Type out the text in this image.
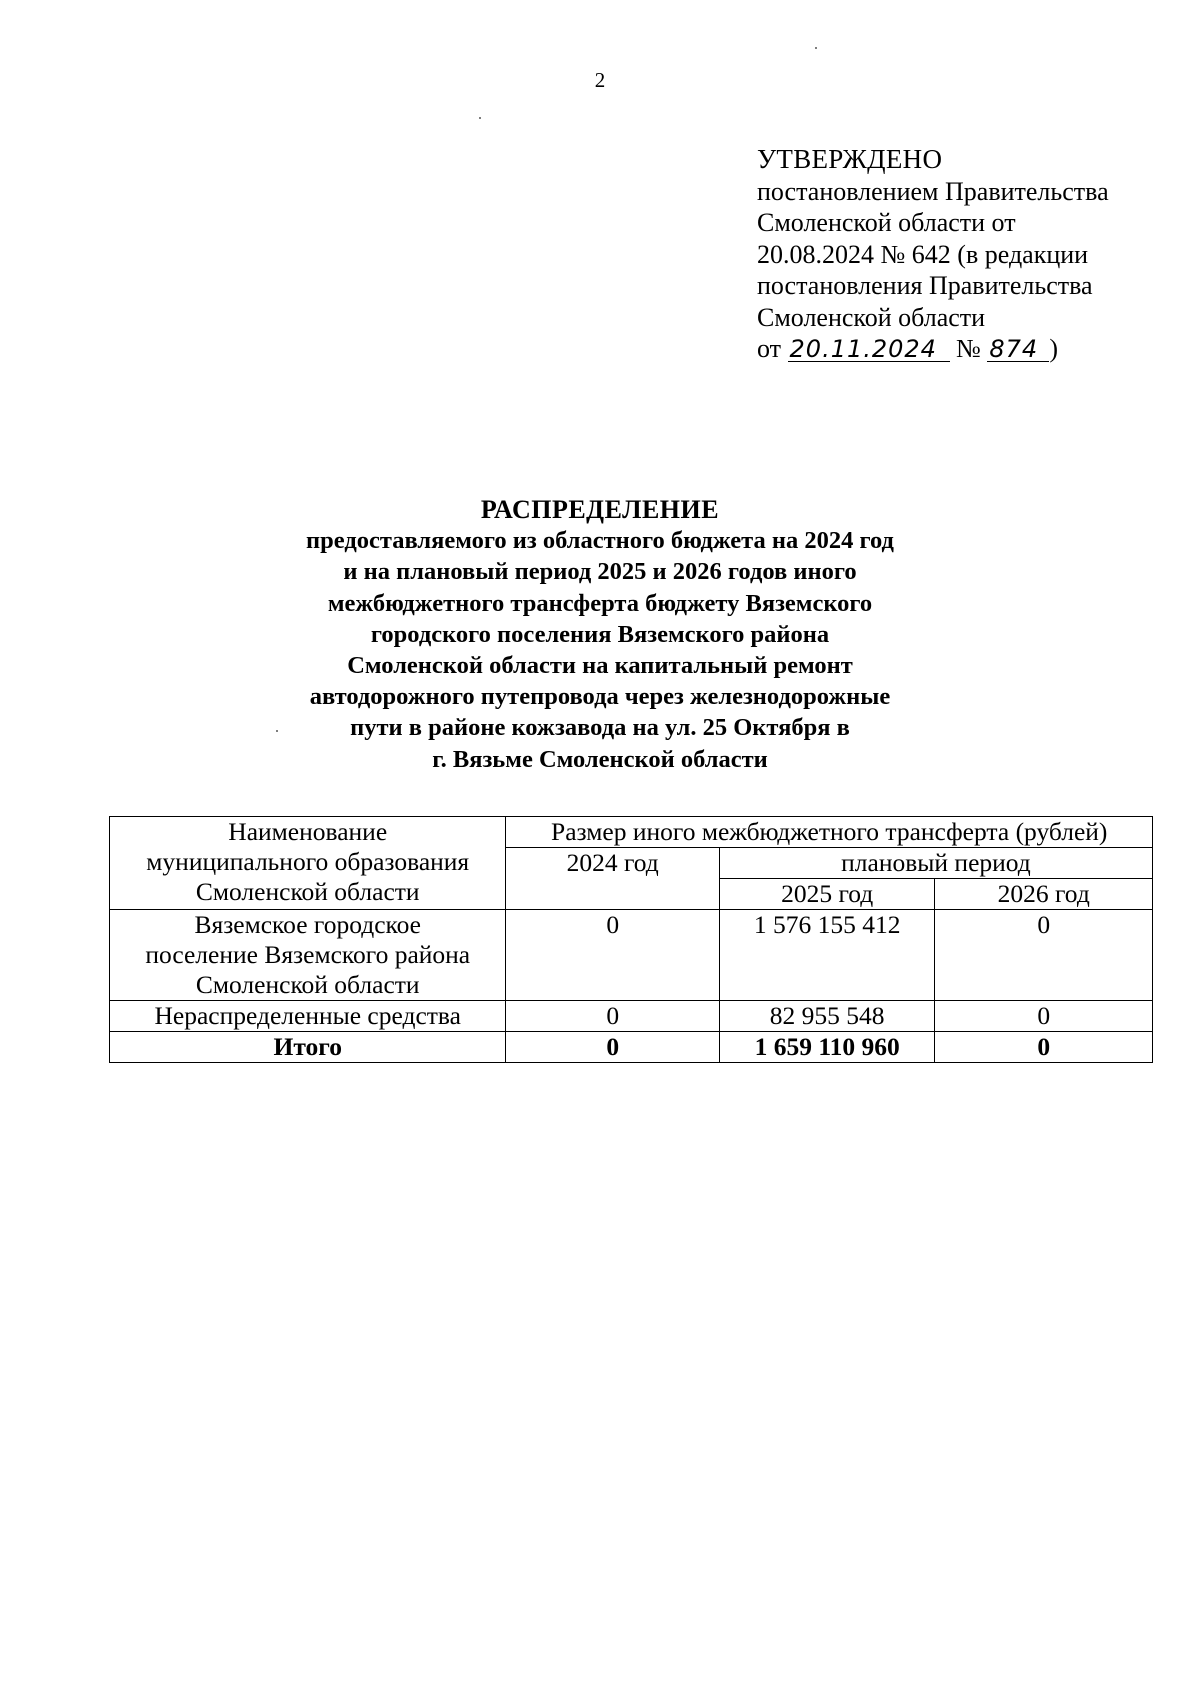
2
УТВЕРЖДЕНО
постановлением Правительства
Смоленской области от
20.08.2024 № 642 (в редакции
постановления Правительства
Смоленской области
от 20.11.2024 № 874 )
РАСПРЕДЕЛЕНИЕ
предоставляемого из областного бюджета на 2024 год
и на плановый период 2025 и 2026 годов иного
межбюджетного трансферта бюджету Вяземского
городского поселения Вяземского района
Смоленской области на капитальный ремонт
автодорожного путепровода через железнодорожные
пути в районе кожзавода на ул. 25 Октября в
г. Вязьме Смоленской области
Наименование
муниципального образования
Смоленской области	Размер иного межбюджетного трансферта (рублей)		
	2024 год	плановый период	
		2025 год	2026 год

Вяземское городское
поселение Вяземского района
Смоленской области	0	1 576 155 412	0
Нераспределенные средства	0	82 955 548	0
Итого	0	1 659 110 960	0
